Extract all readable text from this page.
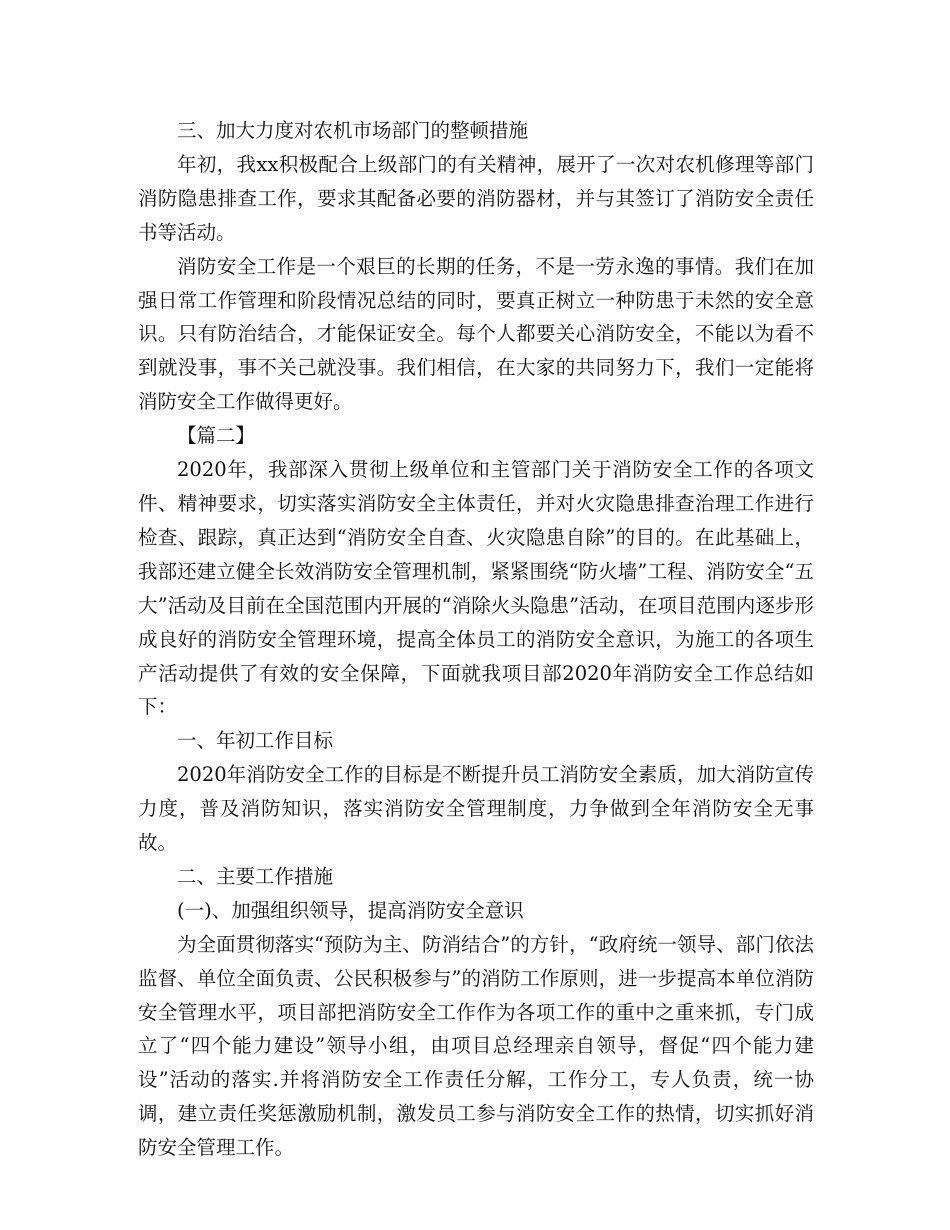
三、加大力度对农机市场部门的整顿措施

年初，我xx积极配合上级部门的有关精神，展开了一次对农机修理等部门消防隐患排查工作，要求其配备必要的消防器材，并与其签订了消防安全责任书等活动。

消防安全工作是一个艰巨的长期的任务，不是一劳永逸的事情。我们在加强日常工作管理和阶段情况总结的同时，要真正树立一种防患于未然的安全意识。只有防治结合，才能保证安全。每个人都要关心消防安全，不能以为看不到就没事，事不关己就没事。我们相信，在大家的共同努力下，我们一定能将消防安全工作做得更好。

【篇二】

2020年，我部深入贯彻上级单位和主管部门关于消防安全工作的各项文件、精神要求，切实落实消防安全主体责任，并对火灾隐患排查治理工作进行检查、跟踪，真正达到“消防安全自查、火灾隐患自除”的目的。在此基础上，我部还建立健全长效消防安全管理机制，紧紧围绕“防火墙”工程、消防安全“五大”活动及目前在全国范围内开展的“消除火头隐患”活动，在项目范围内逐步形成良好的消防安全管理环境，提高全体员工的消防安全意识，为施工的各项生产活动提供了有效的安全保障，下面就我项目部2020年消防安全工作总结如下：

一、年初工作目标

2020年消防安全工作的目标是不断提升员工消防安全素质，加大消防宣传力度，普及消防知识，落实消防安全管理制度，力争做到全年消防安全无事故。

二、主要工作措施

(一)、加强组织领导，提高消防安全意识

为全面贯彻落实“预防为主、防消结合”的方针，“政府统一领导、部门依法监督、单位全面负责、公民积极参与”的消防工作原则，进一步提高本单位消防安全管理水平，项目部把消防安全工作作为各项工作的重中之重来抓，专门成立了“四个能力建设”领导小组，由项目总经理亲自领导，督促“四个能力建设”活动的落实.并将消防安全工作责任分解，工作分工，专人负责，统一协调，建立责任奖惩激励机制，激发员工参与消防安全工作的热情，切实抓好消防安全管理工作。
